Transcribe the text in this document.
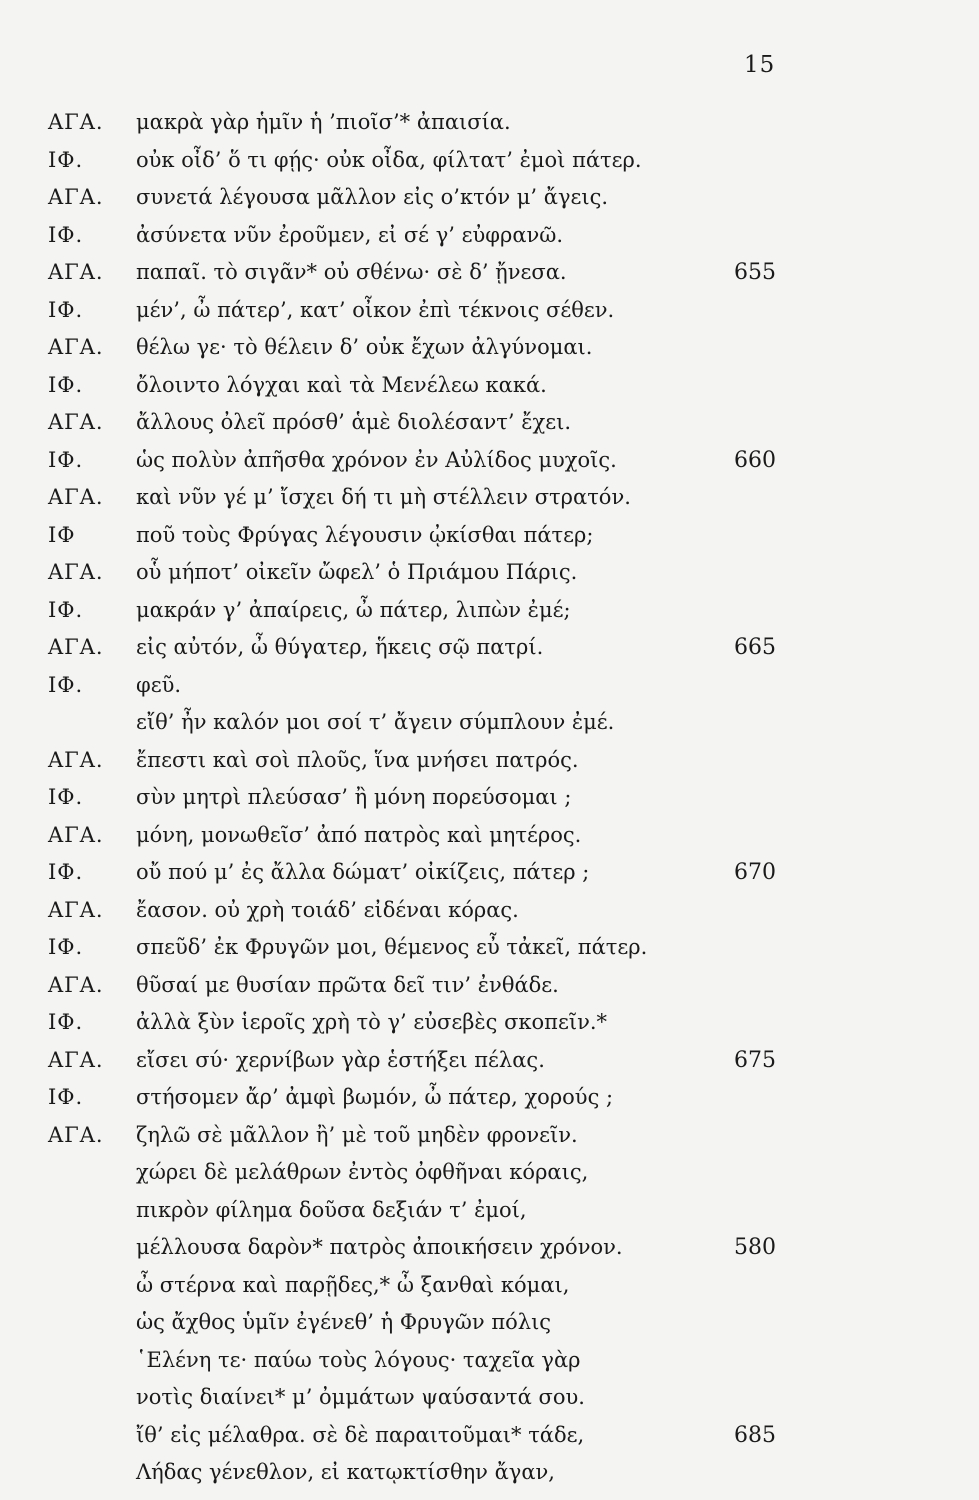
15
ΑΓΑ. μακρὰ γὰρ ἡμῖν ἡ ’πιοῖσ’* ἀπαισία.
ΙΦ.	οὐκ οἶδ’ ὅ τι φῄς· οὐκ οἶδα, φίλτατ’ ἐμοὶ πάτερ.
ΑΓΑ. συνετά λέγουσα μᾶλλον εἰς ο’κτόν μ’ ἄγεις.
ΙΦ.	ἀσύνετα νῦν ἐροῦμεν, εἰ σέ γ’ εὐφρανῶ.
ΑΓΑ. παπαῖ. τὸ σιγᾶν* οὐ σθένω· σὲ δ’ ᾔνεσα.	655
ΙΦ.	μέν’, ὦ πάτερ’, κατ’ οἶκον ἐπὶ τέκνοις σέθεν.
ΑΓΑ. θέλω γε· τὸ θέλειν δ’ οὐκ ἔχων ἀλγύνομαι.
ΙΦ.	ὄλοιντο λόγχαι καὶ τὰ Μενέλεω κακά.
ΑΓΑ. ἄλλους ὀλεῖ πρόσθ’ ἁμὲ διολέσαντ’ ἔχει.
ΙΦ.	ὡς πολὺν ἀπῆσθα χρόνον ἐν Αὐλίδος μυχοῖς.	660
ΑΓΑ. καὶ νῦν γέ μ’ ἴσχει δή τι μὴ στέλλειν στρατόν.
ΙΦ	ποῦ τοὺς Φρύγας λέγουσιν ᾠκίσθαι πάτερ;
ΑΓΑ. οὗ μήποτ’ οἰκεῖν ὤφελ’ ὁ Πριάμου Πάρις.
ΙΦ.	μακράν γ’ ἀπαίρεις, ὦ πάτερ, λιπὼν ἐμέ;
ΑΓΑ. εἰς αὐτόν, ὦ θύγατερ, ἥκεις σῷ πατρί.	665
ΙΦ.	φεῦ.
εἴθ’ ἦν καλόν μοι σοί τ’ ἄγειν σύμπλουν ἐμέ.
ΑΓΑ. ἔπεστι καὶ σοὶ πλοῦς, ἵνα μνήσει πατρός.
ΙΦ.	σὺν μητρὶ πλεύσασ’ ἢ μόνη πορεύσομαι ;
ΑΓΑ. μόνη, μονωθεῖσ’ ἀπό πατρὸς καὶ μητέρος.
ΙΦ.	οὔ πού μ’ ἐς ἄλλα δώματ’ οἰκίζεις, πάτερ ;	670
ΑΓΑ. ἔασον. οὐ χρὴ τοιάδ’ εἰδέναι κόρας.
ΙΦ.	σπεῦδ’ ἐκ Φρυγῶν μοι, θέμενος εὖ τἀκεῖ, πάτερ.
ΑΓΑ. θῦσαί με θυσίαν πρῶτα δεῖ τιν’ ἐνθάδε.
ΙΦ.	ἀλλὰ ξὺν ἱεροῖς χρὴ τὸ γ’ εὐσεβὲς σκοπεῖν.*
ΑΓΑ. εἴσει σύ· χερνίβων γὰρ ἑστήξει πέλας.	675
ΙΦ.	στήσομεν ἄρ’ ἀμφὶ βωμόν, ὦ πάτερ, χορούς ;
ΑΓΑ. ζηλῶ σὲ μᾶλλον ἢ’ μὲ τοῦ μηδὲν φρονεῖν.
χώρει δὲ μελάθρων ἐντὸς ὀφθῆναι κόραις,
πικρὸν φίλημα δοῦσα δεξιάν τ’ ἐμοί,
μέλλουσα δαρὸν* πατρὸς ἀποικήσειν χρόνον.	580
ὦ στέρνα καὶ παρῇδες,* ὦ ξανθαὶ κόμαι,
ὡς ἄχθος ὑμῖν ἐγένεθ’ ἡ Φρυγῶν πόλις
῾Ελένη τε· παύω τοὺς λόγους· ταχεῖα γὰρ
νοτὶς διαίνει* μ’ ὀμμάτων ψαύσαντά σου.
ἴθ’ εἰς μέλαθρα. σὲ δὲ παραιτοῦμαι* τάδε,	685
Λήδας γένεθλον, εἰ κατῳκτίσθην ἄγαν,
